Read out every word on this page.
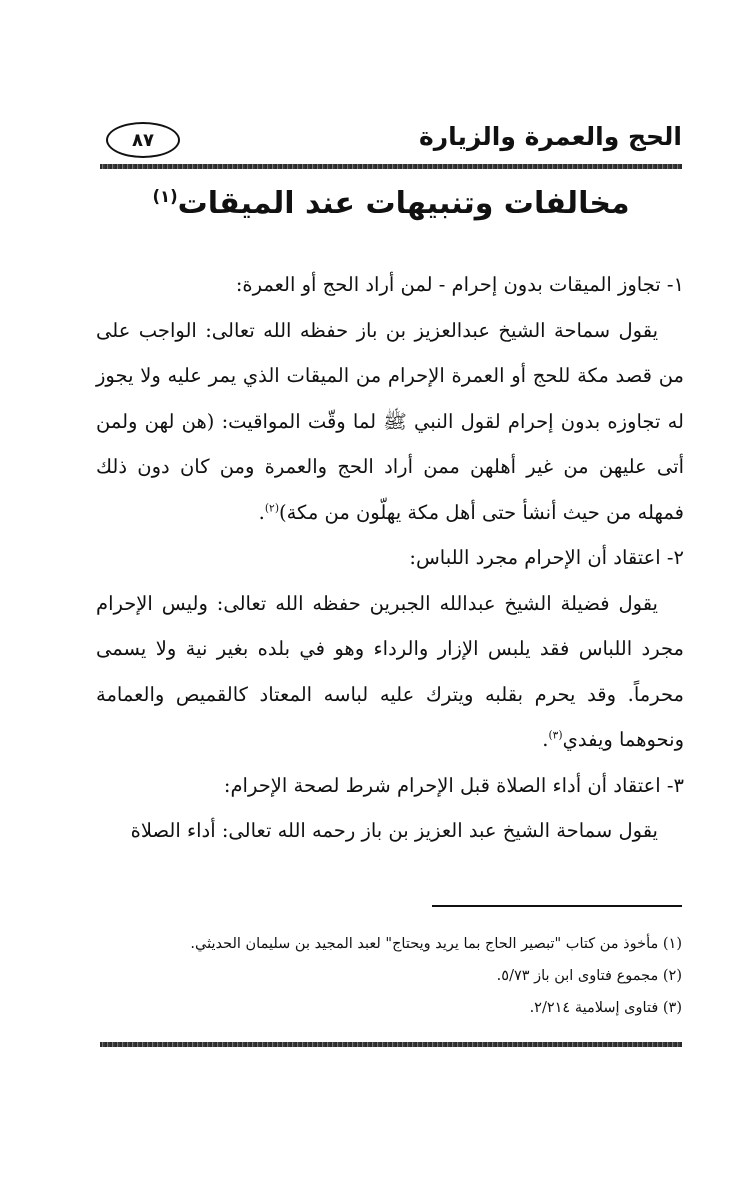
الحج والعمرة والزيارة
٨٧
مخالفات وتنبيهات عند الميقات$^{(١)}$

١- تجاوز الميقات بدون إحرام - لمن أراد الحج أو العمرة:

يقول سماحة الشيخ عبدالعزيز بن باز حفظه الله تعالى: الواجب على من قصد مكة للحج أو العمرة الإحرام من الميقات الذي يمر عليه ولا يجوز له تجاوزه بدون إحرام لقول النبي ﷺ لما وقّت المواقيت: (هن لهن ولمن أتى عليهن من غير أهلهن ممن أراد الحج والعمرة ومن كان دون ذلك فمهله من حيث أنشأ حتى أهل مكة يهلّون من مكة)$^{(٢)}$.

٢- اعتقاد أن الإحرام مجرد اللباس:

يقول فضيلة الشيخ عبدالله الجبرين حفظه الله تعالى: وليس الإحرام مجرد اللباس فقد يلبس الإزار والرداء وهو في بلده بغير نية ولا يسمى محرماً. وقد يحرم بقلبه ويترك عليه لباسه المعتاد كالقميص والعمامة ونحوهما ويفدي$^{(٣)}$.

٣- اعتقاد أن أداء الصلاة قبل الإحرام شرط لصحة الإحرام:

يقول سماحة الشيخ عبد العزيز بن باز رحمه الله تعالى: أداء الصلاة

(١) مأخوذ من كتاب "تبصير الحاج بما يريد ويحتاج" لعبد المجيد بن سليمان الحديثي.

(٢) مجموع فتاوى ابن باز ٥/٧٣.

(٣) فتاوى إسلامية ٢/٢١٤.
